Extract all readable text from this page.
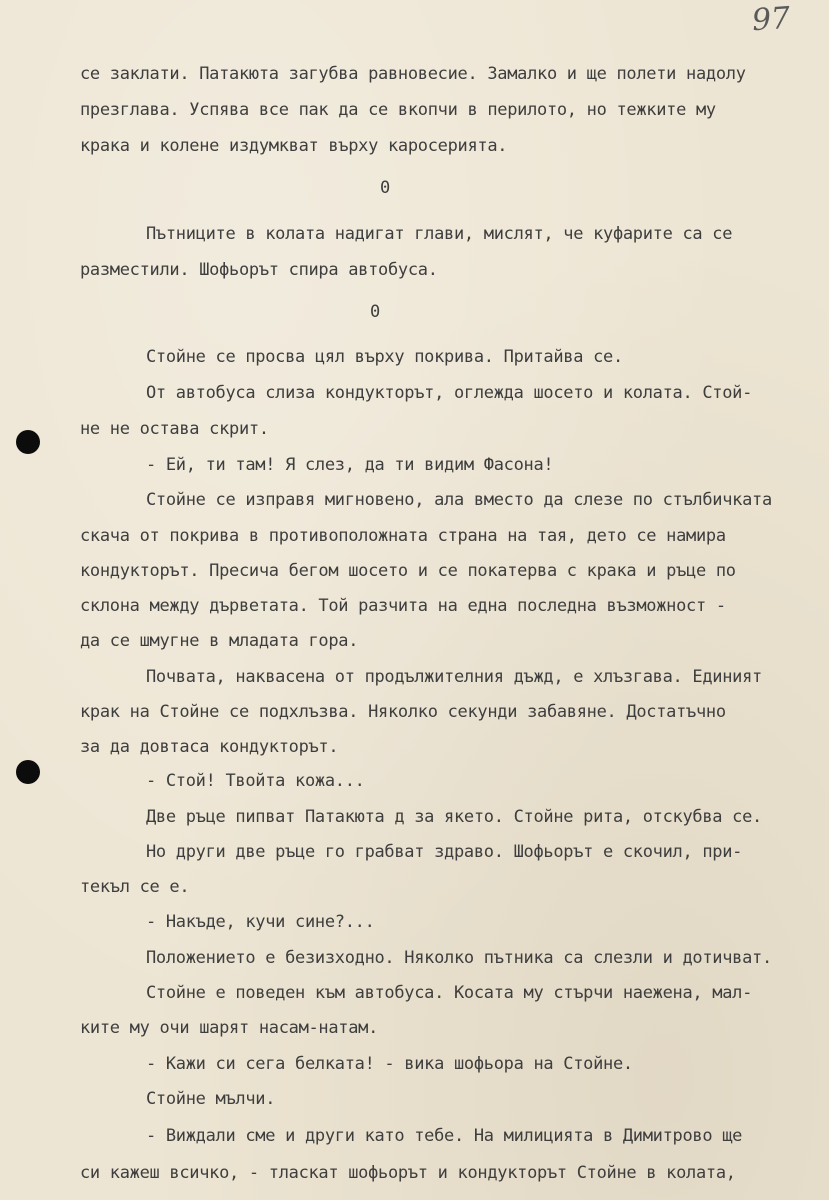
97
се заклати. Патакюта загубва равновесие. Замалко и ще полети надолу
презглава. Успява все пак да се вкопчи в перилото, но тежките му
крака и колене издумкват върху каросерията.
0
Пътниците в колата надигат глави, мислят, че куфарите са се
разместили. Шофьорът спира автобуса.
0
Стойне се просва цял върху покрива. Притайва се.
От автобуса слиза кондукторът, оглежда шосето и колата. Стой-
не не остава скрит.
- Ей, ти там! Я слез, да ти видим Фасона!
Стойне се изправя мигновено, ала вместо да слезе по стълбичката
скача от покрива в противоположната страна на тая, дето се намира
кондукторът. Пресича бегом шосето и се покатерва с крака и ръце по
склона между дърветата. Той разчита на една последна възможност -
да се шмугне в младата гора.
Почвата, наквасена от продължителния дъжд, е хлъзгава. Единият
крак на Стойне се подхлъзва. Няколко секунди забавяне. Достатъчно
за да довтаса кондукторът.
- Стой! Твойта кожа...
Две ръце пипват Патакюта д за якето. Стойне рита, отскубва се.
Но други две ръце го грабват здраво. Шофьорът е скочил, при-
текъл се е.
- Накъде, кучи сине?...
Положението е безизходно. Няколко пътника са слезли и дотичват.
Стойне е поведен към автобуса. Косата му стърчи наежена, мал-
ките му очи шарят насам-натам.
- Кажи си сега белката! - вика шофьора на Стойне.
Стойне мълчи.
- Виждали сме и други като тебе. На милицията в Димитрово ще
си кажеш всичко, - тласкат шофьорът и кондукторът Стойне в колата,
